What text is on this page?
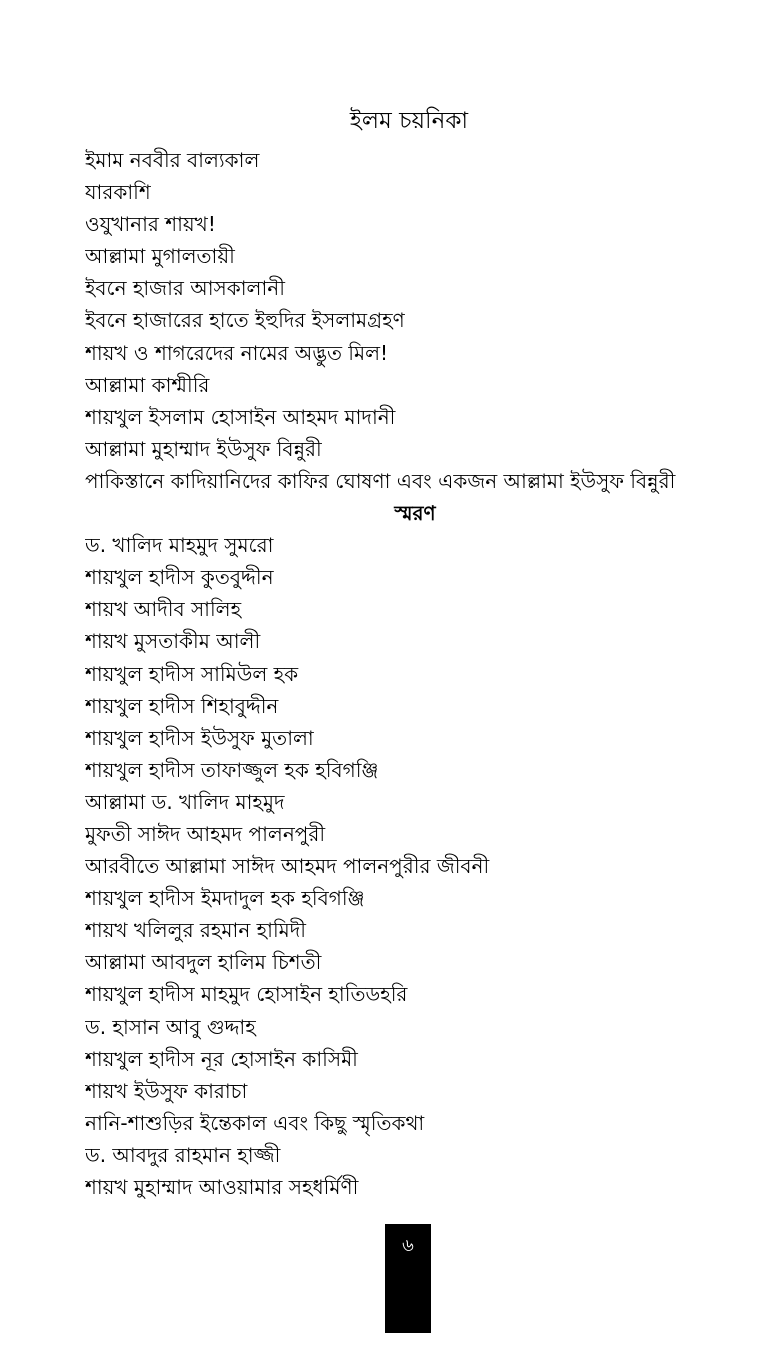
ইলম চয়নিকা
ইমাম নববীর বাল্যকাল
যারকাশি
ওযুখানার শায়খ!
আল্লামা মুগালতায়ী
ইবনে হাজার আসকালানী
ইবনে হাজারের হাতে ইহুদির ইসলামগ্রহণ
শায়খ ও শাগরেদের নামের অদ্ভুত মিল!
আল্লামা কাশ্মীরি
শায়খুল ইসলাম হোসাইন আহমদ মাদানী
আল্লামা মুহাম্মাদ ইউসুফ বিন্নুরী
পাকিস্তানে কাদিয়ানিদের কাফির ঘোষণা এবং একজন আল্লামা ইউসুফ বিন্নুরী
স্মরণ
ড. খালিদ মাহমুদ সুমরো
শায়খুল হাদীস কুতবুদ্দীন
শায়খ আদীব সালিহ
শায়খ মুসতাকীম আলী
শায়খুল হাদীস সামিউল হক
শায়খুল হাদীস শিহাবুদ্দীন
শায়খুল হাদীস ইউসুফ মুতালা
শায়খুল হাদীস তাফাজ্জুল হক হবিগঞ্জি
আল্লামা ড. খালিদ মাহমুদ
মুফতী সাঈদ আহমদ পালনপুরী
আরবীতে আল্লামা সাঈদ আহমদ পালনপুরীর জীবনী
শায়খুল হাদীস ইমদাদুল হক হবিগঞ্জি
শায়খ খলিলুর রহমান হামিদী
আল্লামা আবদুল হালিম চিশতী
শায়খুল হাদীস মাহমুদ হোসাইন হাতিডহরি
ড. হাসান আবু গুদ্দাহ
শায়খুল হাদীস নূর হোসাইন কাসিমী
শায়খ ইউসুফ কারাচা
নানি-শাশুড়ির ইন্তেকাল এবং কিছু স্মৃতিকথা
ড. আবদুর রাহমান হাজ্জী
শায়খ মুহাম্মাদ আওয়ামার সহধর্মিণী
৬
